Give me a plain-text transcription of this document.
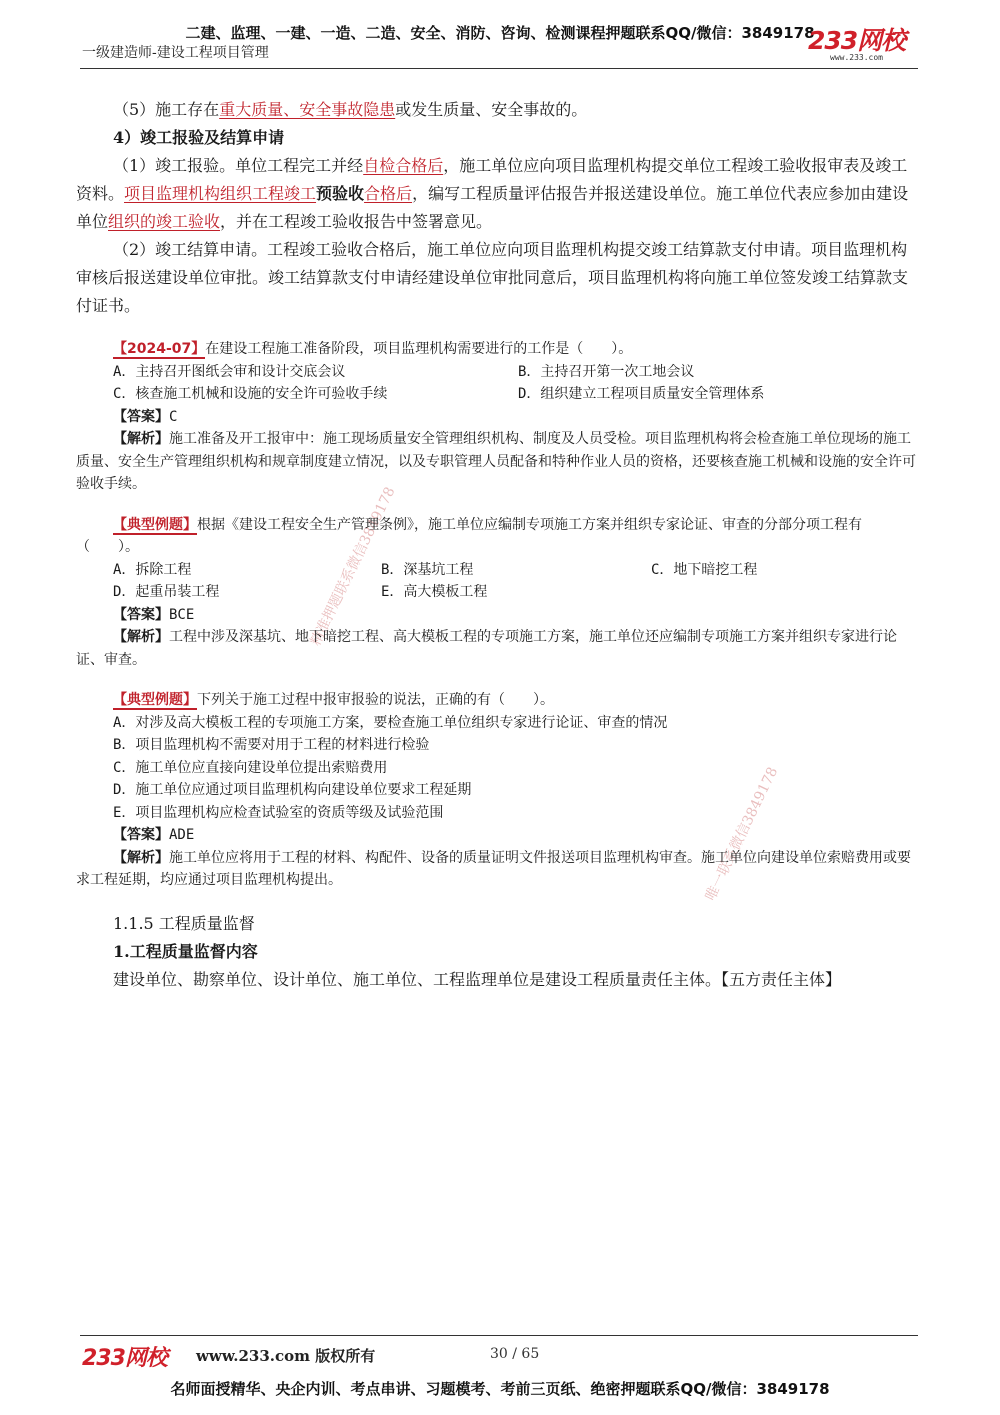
二建、监理、一建、一造、二造、安全、消防、咨询、检测课程押题联系QQ/微信：3849178
一级建造师-建设工程项目管理	233网校
www.233.com
精准押题联系微信3849178
唯一联系微信3849178

（5）施工存在重大质量、安全事故隐患或发生质量、安全事故的。

4）竣工报验及结算申请

（1）竣工报验。单位工程完工并经自检合格后，施工单位应向项目监理机构提交单位工程竣工验收报审表及竣工资料。项目监理机构组织工程竣工预验收合格后，编写工程质量评估报告并报送建设单位。施工单位代表应参加由建设单位组织的竣工验收，并在工程竣工验收报告中签署意见。

（2）竣工结算申请。工程竣工验收合格后，施工单位应向项目监理机构提交竣工结算款支付申请。项目监理机构审核后报送建设单位审批。竣工结算款支付申请经建设单位审批同意后，项目监理机构将向施工单位签发竣工结算款支付证书。

【2024-07】在建设工程施工准备阶段，项目监理机构需要进行的工作是（　　）。

A．主持召开图纸会审和设计交底会议	B．主持召开第一次工地会议
C．核查施工机械和设施的安全许可验收手续	D．组织建立工程项目质量安全管理体系

【答案】C

【解析】施工准备及开工报审中：施工现场质量安全管理组织机构、制度及人员受检。项目监理机构将会检查施工单位现场的施工质量、安全生产管理组织机构和规章制度建立情况，以及专职管理人员配备和特种作业人员的资格，还要核查施工机械和设施的安全许可验收手续。

【典型例题】根据《建设工程安全生产管理条例》，施工单位应编制专项施工方案并组织专家论证、审查的分部分项工程有（　　）。

A．拆除工程	B．深基坑工程	C．地下暗挖工程
D．起重吊装工程	E．高大模板工程

【答案】BCE

【解析】工程中涉及深基坑、地下暗挖工程、高大模板工程的专项施工方案，施工单位还应编制专项施工方案并组织专家进行论证、审查。

【典型例题】下列关于施工过程中报审报验的说法，正确的有（　　）。

A．对涉及高大模板工程的专项施工方案，要检查施工单位组织专家进行论证、审查的情况

B．项目监理机构不需要对用于工程的材料进行检验

C．施工单位应直接向建设单位提出索赔费用

D．施工单位应通过项目监理机构向建设单位要求工程延期

E．项目监理机构应检查试验室的资质等级及试验范围

【答案】ADE

【解析】施工单位应将用于工程的材料、构配件、设备的质量证明文件报送项目监理机构审查。施工单位向建设单位索赔费用或要求工程延期，均应通过项目监理机构提出。

1.1.5 工程质量监督

1.工程质量监督内容

建设单位、勘察单位、设计单位、施工单位、工程监理单位是建设工程质量责任主体。【五方责任主体】

233网校 www.233.com 版权所有	30 / 65
名师面授精华、央企内训、考点串讲、习题模考、考前三页纸、绝密押题联系QQ/微信：3849178
